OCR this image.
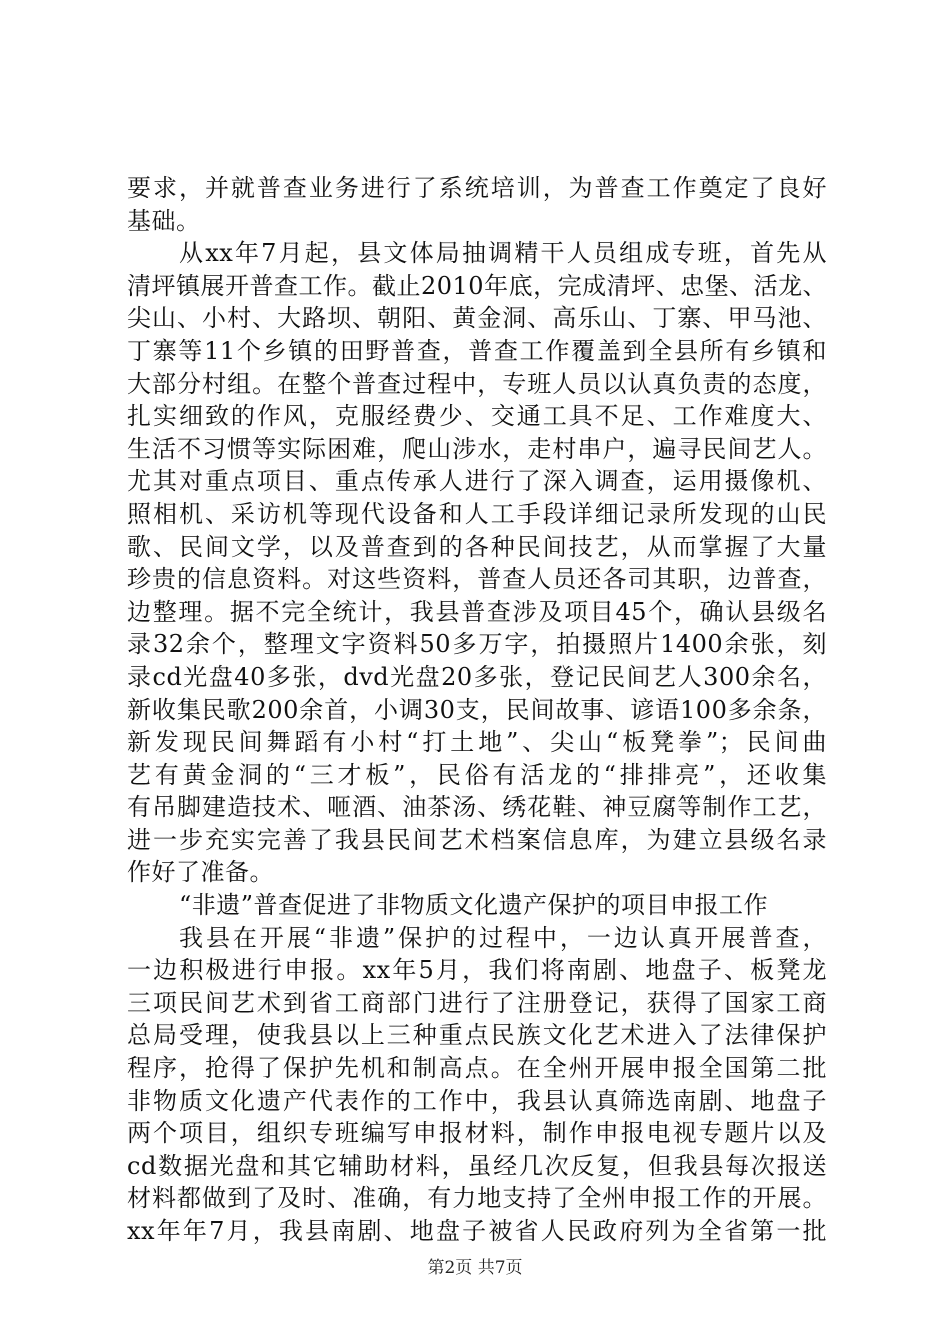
要求，并就普查业务进行了系统培训，为普查工作奠定了良好
基础。
从xx年7月起，县文体局抽调精干人员组成专班，首先从
清坪镇展开普查工作。截止2010年底，完成清坪、忠堡、活龙、
尖山、小村、大路坝、朝阳、黄金洞、高乐山、丁寨、甲马池、
丁寨等11个乡镇的田野普查，普查工作覆盖到全县所有乡镇和
大部分村组。在整个普查过程中，专班人员以认真负责的态度，
扎实细致的作风，克服经费少、交通工具不足、工作难度大、
生活不习惯等实际困难，爬山涉水，走村串户，遍寻民间艺人。
尤其对重点项目、重点传承人进行了深入调查，运用摄像机、
照相机、采访机等现代设备和人工手段详细记录所发现的山民
歌、民间文学，以及普查到的各种民间技艺，从而掌握了大量
珍贵的信息资料。对这些资料，普查人员还各司其职，边普查，
边整理。据不完全统计，我县普查涉及项目45个，确认县级名
录32余个，整理文字资料50多万字，拍摄照片1400余张，刻
录cd光盘40多张，dvd光盘20多张，登记民间艺人300余名，
新收集民歌200余首，小调30支，民间故事、谚语100多余条，
新发现民间舞蹈有小村“打土地”、尖山“板凳拳”；民间曲
艺有黄金洞的“三才板”，民俗有活龙的“排排亮”，还收集
有吊脚建造技术、咂酒、油茶汤、绣花鞋、神豆腐等制作工艺，
进一步充实完善了我县民间艺术档案信息库，为建立县级名录
作好了准备。
“非遗”普查促进了非物质文化遗产保护的项目申报工作
我县在开展“非遗”保护的过程中，一边认真开展普查，
一边积极进行申报。xx年5月，我们将南剧、地盘子、板凳龙
三项民间艺术到省工商部门进行了注册登记，获得了国家工商
总局受理，使我县以上三种重点民族文化艺术进入了法律保护
程序，抢得了保护先机和制高点。在全州开展申报全国第二批
非物质文化遗产代表作的工作中，我县认真筛选南剧、地盘子
两个项目，组织专班编写申报材料，制作申报电视专题片以及
cd数据光盘和其它辅助材料，虽经几次反复，但我县每次报送
材料都做到了及时、准确，有力地支持了全州申报工作的开展。
xx年年7月，我县南剧、地盘子被省人民政府列为全省第一批
第2页 共7页
